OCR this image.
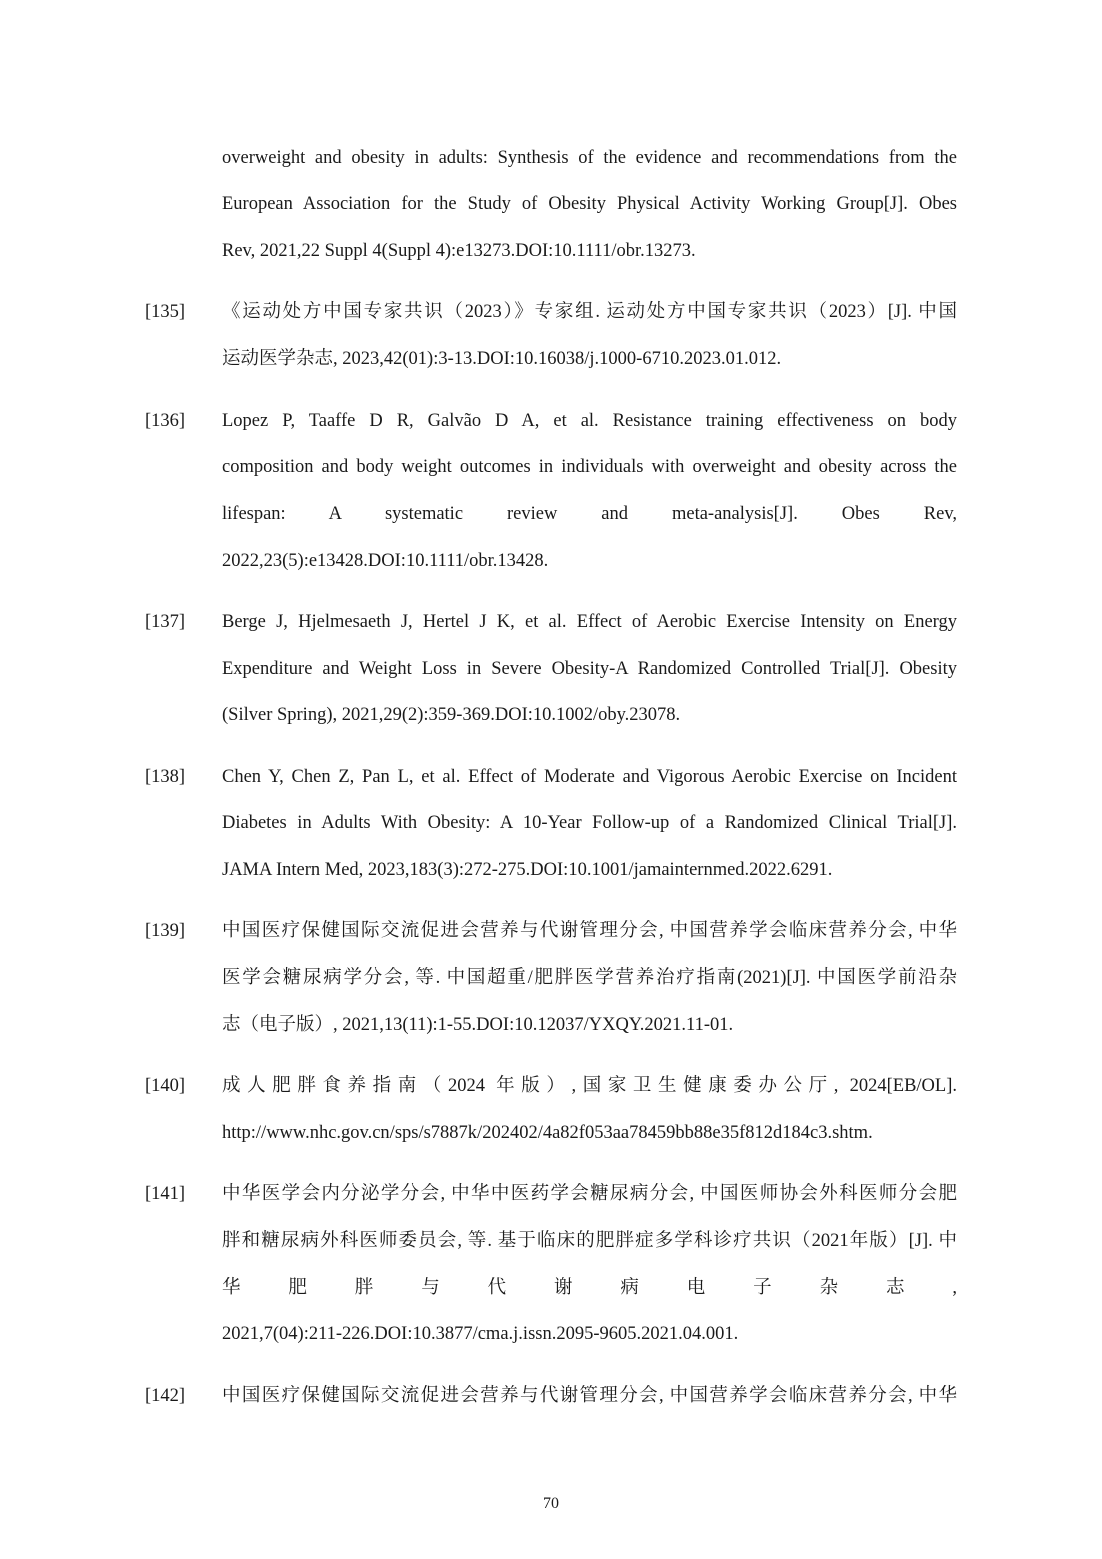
overweight and obesity in adults: Synthesis of the evidence and recommendations from the
European Association for the Study of Obesity Physical Activity Working Group[J]. Obes
Rev, 2021,22 Suppl 4(Suppl 4):e13273.DOI:10.1111/obr.13273.
[135] 《运动处方中国专家共识（2023）》专家组. 运动处方中国专家共识（2023）[J]. 中国
运动医学杂志, 2023,42(01):3-13.DOI:10.16038/j.1000-6710.2023.01.012.
[136] Lopez P, Taaffe D R, Galvão D A, et al. Resistance training effectiveness on body
composition and body weight outcomes in individuals with overweight and obesity across the
lifespan: A systematic review and meta-analysis[J]. Obes Rev,
2022,23(5):e13428.DOI:10.1111/obr.13428.
[137] Berge J, Hjelmesaeth J, Hertel J K, et al. Effect of Aerobic Exercise Intensity on Energy
Expenditure and Weight Loss in Severe Obesity-A Randomized Controlled Trial[J]. Obesity
(Silver Spring), 2021,29(2):359-369.DOI:10.1002/oby.23078.
[138] Chen Y, Chen Z, Pan L, et al. Effect of Moderate and Vigorous Aerobic Exercise on Incident
Diabetes in Adults With Obesity: A 10-Year Follow-up of a Randomized Clinical Trial[J].
JAMA Intern Med, 2023,183(3):272-275.DOI:10.1001/jamainternmed.2022.6291.
[139] 中国医疗保健国际交流促进会营养与代谢管理分会, 中国营养学会临床营养分会, 中华
医学会糖尿病学分会, 等. 中国超重/肥胖医学营养治疗指南(2021)[J]. 中国医学前沿杂
志（电子版）, 2021,13(11):1-55.DOI:10.12037/YXQY.2021.11-01.
[140] 成人肥胖食养指南（2024 年版）,国家卫生健康委办公厅, 2024[EB/OL].
http://www.nhc.gov.cn/sps/s7887k/202402/4a82f053aa78459bb88e35f812d184c3.shtm.
[141] 中华医学会内分泌学分会, 中华中医药学会糖尿病分会, 中国医师协会外科医师分会肥
胖和糖尿病外科医师委员会, 等. 基于临床的肥胖症多学科诊疗共识（2021年版）[J]. 中
华 肥 胖 与 代 谢 病 电 子 杂 志 ,
2021,7(04):211-226.DOI:10.3877/cma.j.issn.2095-9605.2021.04.001.
[142] 中国医疗保健国际交流促进会营养与代谢管理分会, 中国营养学会临床营养分会, 中华
70
